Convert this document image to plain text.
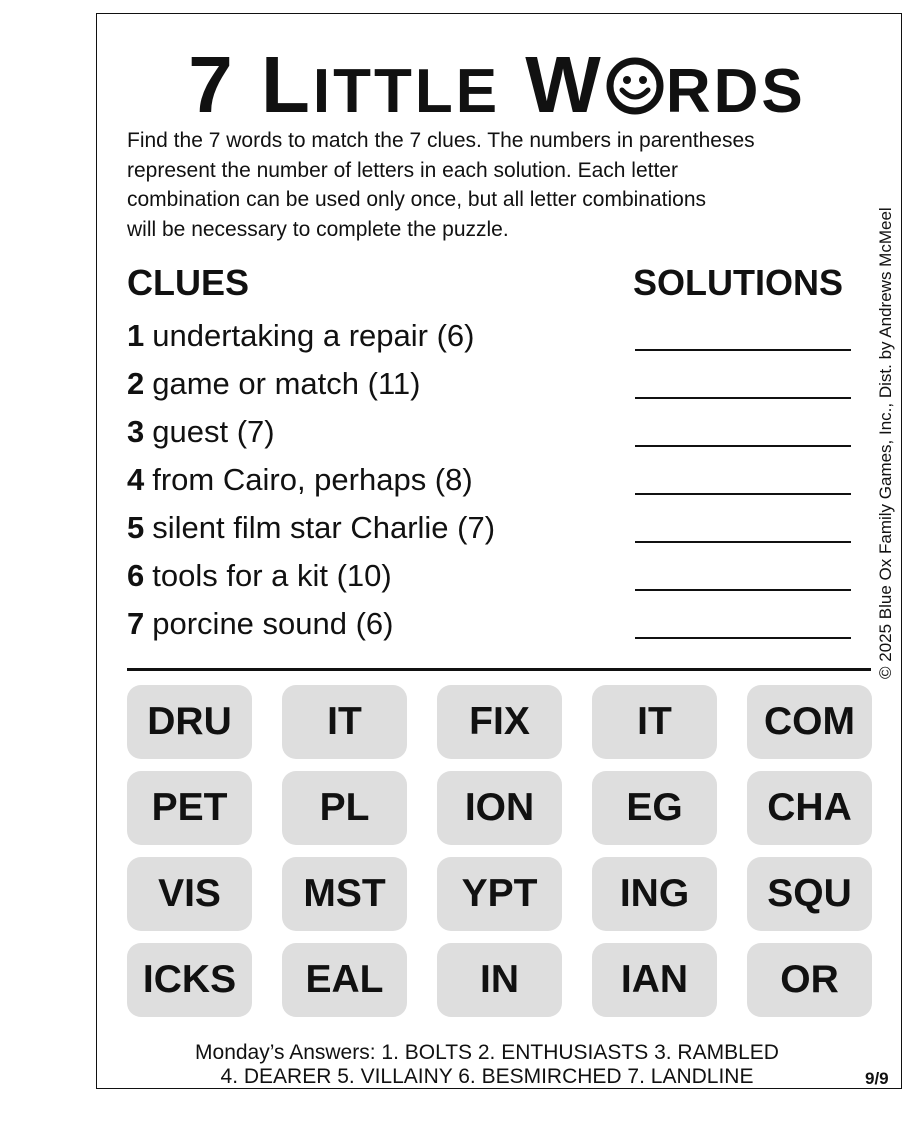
7 LITTLE W RDS
Find the 7 words to match the 7 clues. The numbers in parentheses
represent the number of letters in each solution. Each letter
combination can be used only once, but all letter combinations
will be necessary to complete the puzzle.
CLUES	SOLUTIONS
1 undertaking a repair (6)
2 game or match (11)
3 guest (7)
4 from Cairo, perhaps (8)
5 silent film star Charlie (7)
6 tools for a kit (10)
7 porcine sound (6)	© 2025 Blue Ox Family Games, Inc., Dist. by Andrews McMeel
DRU	IT	FIX	IT	COM
PET	PL	ION	EG	CHA
VIS	MST	YPT	ING	SQU
ICKS	EAL	IN	IAN	OR
Monday’s Answers: 1. BOLTS 2. ENTHUSIASTS 3. RAMBLED
4. DEARER 5. VILLAINY 6. BESMIRCHED 7. LANDLINE	9/9
